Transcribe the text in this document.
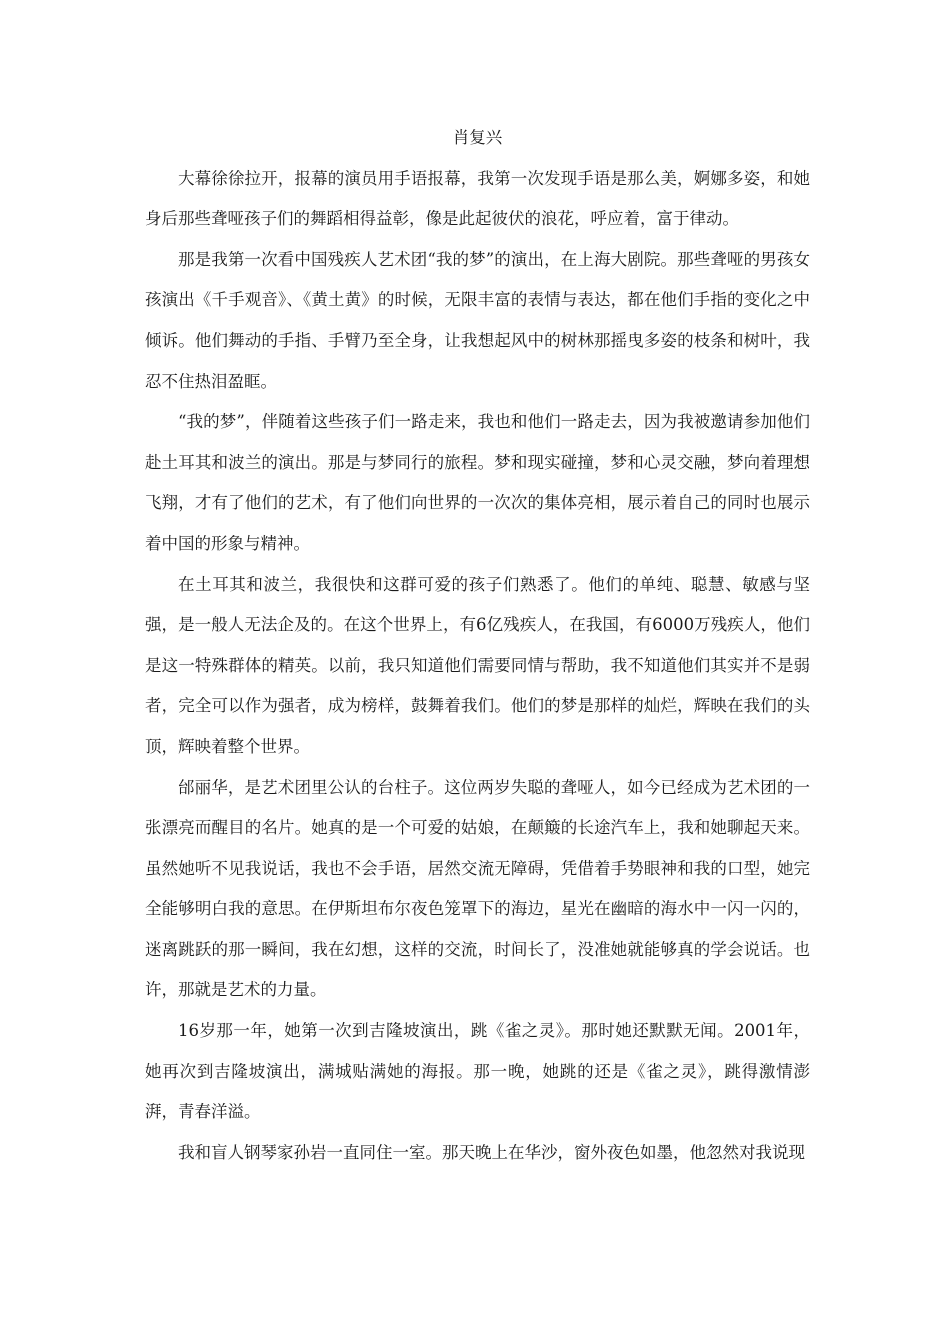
肖复兴

大幕徐徐拉开，报幕的演员用手语报幕，我第一次发现手语是那么美，婀娜多姿，和她身后那些聋哑孩子们的舞蹈相得益彰，像是此起彼伏的浪花，呼应着，富于律动。

那是我第一次看中国残疾人艺术团“我的梦”的演出，在上海大剧院。那些聋哑的男孩女孩演出《千手观音》、《黄土黄》的时候，无限丰富的表情与表达，都在他们手指的变化之中倾诉。他们舞动的手指、手臂乃至全身，让我想起风中的树林那摇曳多姿的枝条和树叶，我忍不住热泪盈眶。

“我的梦”，伴随着这些孩子们一路走来，我也和他们一路走去，因为我被邀请参加他们赴土耳其和波兰的演出。那是与梦同行的旅程。梦和现实碰撞，梦和心灵交融，梦向着理想飞翔，才有了他们的艺术，有了他们向世界的一次次的集体亮相，展示着自己的同时也展示着中国的形象与精神。

在土耳其和波兰，我很快和这群可爱的孩子们熟悉了。他们的单纯、聪慧、敏感与坚强，是一般人无法企及的。在这个世界上，有6亿残疾人，在我国，有6000万残疾人，他们是这一特殊群体的精英。以前，我只知道他们需要同情与帮助，我不知道他们其实并不是弱者，完全可以作为强者，成为榜样，鼓舞着我们。他们的梦是那样的灿烂，辉映在我们的头顶，辉映着整个世界。

邰丽华，是艺术团里公认的台柱子。这位两岁失聪的聋哑人，如今已经成为艺术团的一张漂亮而醒目的名片。她真的是一个可爱的姑娘，在颠簸的长途汽车上，我和她聊起天来。虽然她听不见我说话，我也不会手语，居然交流无障碍，凭借着手势眼神和我的口型，她完全能够明白我的意思。在伊斯坦布尔夜色笼罩下的海边，星光在幽暗的海水中一闪一闪的，迷离跳跃的那一瞬间，我在幻想，这样的交流，时间长了，没准她就能够真的学会说话。也许，那就是艺术的力量。

16岁那一年，她第一次到吉隆坡演出，跳《雀之灵》。那时她还默默无闻。2001年，她再次到吉隆坡演出，满城贴满她的海报。那一晚，她跳的还是《雀之灵》，跳得激情澎湃，青春洋溢。

我和盲人钢琴家孙岩一直同住一室。那天晚上在华沙，窗外夜色如墨，他忽然对我说现
